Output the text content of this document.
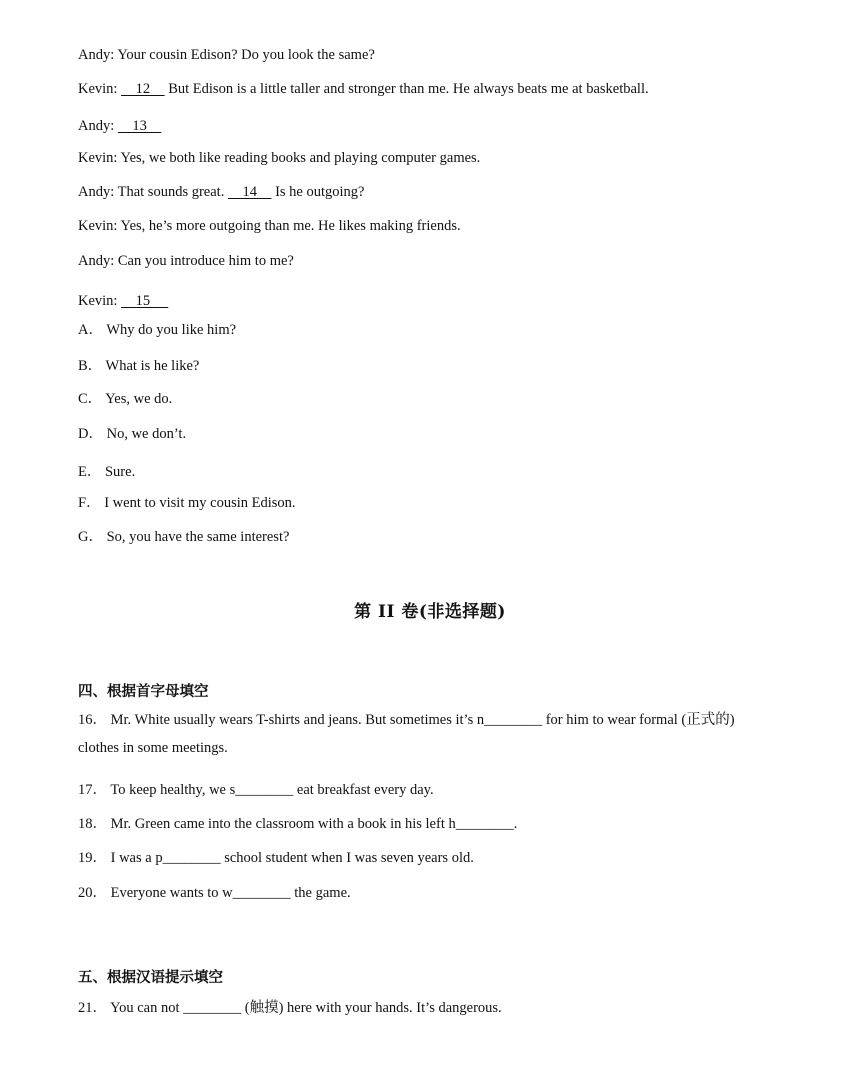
Andy: Your cousin Edison? Do you look the same?
Kevin:     12     But Edison is a little taller and stronger than me. He always beats me at basketball.
Andy:     13
Kevin: Yes, we both like reading books and playing computer games.
Andy: That sounds great.     14     Is he outgoing?
Kevin: Yes, he’s more outgoing than me. He likes making friends.
Andy: Can you introduce him to me?
Kevin:     15
A． Why do you like him?
B． What is he like?
C． Yes, we do.
D． No, we don’t.
E． Sure.
F． I went to visit my cousin Edison.
G． So, you have the same interest?
第 II 卷(非选择题)
四、根据首字母填空
16． Mr. White usually wears T-shirts and jeans. But sometimes it’s n________ for him to wear formal (正式的) clothes in some meetings.
17． To keep healthy, we s________ eat breakfast every day.
18． Mr. Green came into the classroom with a book in his left h________.
19． I was a p________ school student when I was seven years old.
20． Everyone wants to w________ the game.
五、根据汉语提示填空
21． You can not ________ (触摸) here with your hands. It’s dangerous.
